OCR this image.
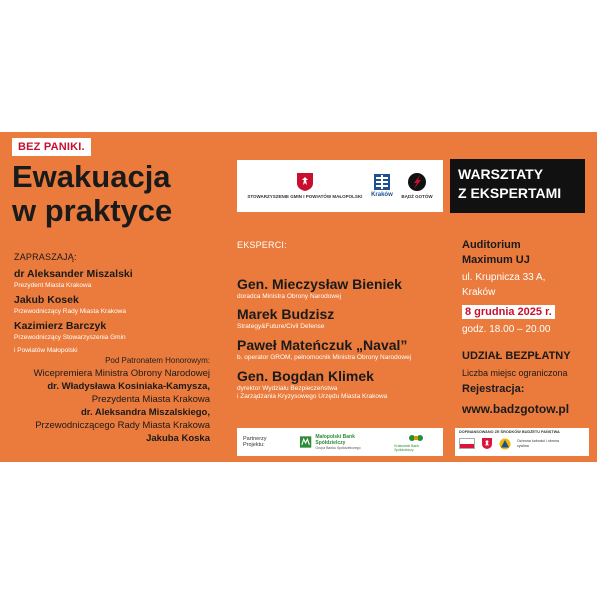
BEZ PANIKI.
Ewakuacja
w praktyce	STOWARZYSZENIE GMIN I POWIATÓW MAŁOPOLSKI Kraków BĄDŹ GOTÓW
WARSZTATY
Z EKSPERTAMI
ZAPRASZAJĄ:
dr Aleksander Miszalski
Prezydent Miasta Krakowa
Jakub Kosek
Przewodniczący Rady Miasta Krakowa
Kazimierz Barczyk
Przewodniczący Stowarzyszenia Gmin
i Powiatów Małopolski
Pod Patronatem Honorowym:
Wicepremiera Ministra Obrony Narodowej
dr. Władysława Kosiniaka-Kamysza,
Prezydenta Miasta Krakowa
dr. Aleksandra Miszalskiego,
Przewodniczącego Rady Miasta Krakowa
Jakuba Koska
EKSPERCI:
Gen. Mieczysław Bieniek
doradca Ministra Obrony Narodowej
Marek Budzisz
Strategy&Future/Civil Defense
Paweł Mateńczuk „Naval”
b. operator GROM, pełnomocnik Ministra Obrony Narodowej
Gen. Bogdan Klimek
dyrektor Wydziału Bezpieczeństwa
i Zarządzania Kryzysowego Urzędu Miasta Krakowa
Auditorium
Maximum UJ
ul. Krupnicza 33 A,
Kraków
8 grudnia 2025 r.
godz. 18.00 – 20.00
UDZIAŁ BEZPŁATNY
Liczba miejsc ograniczona
Rejestracja:
www.badzgotow.pl
Partnerzy Projektu:
Małopolski Bank Spółdzielczy
Grupa Banku Spółdzielczego	Krakowski Bank Spółdzielczy
DOFINANSOWANO ZE ŚRODKÓW BUDŻETU PAŃSTWA
Ochrona ludności i obrona cywilna
